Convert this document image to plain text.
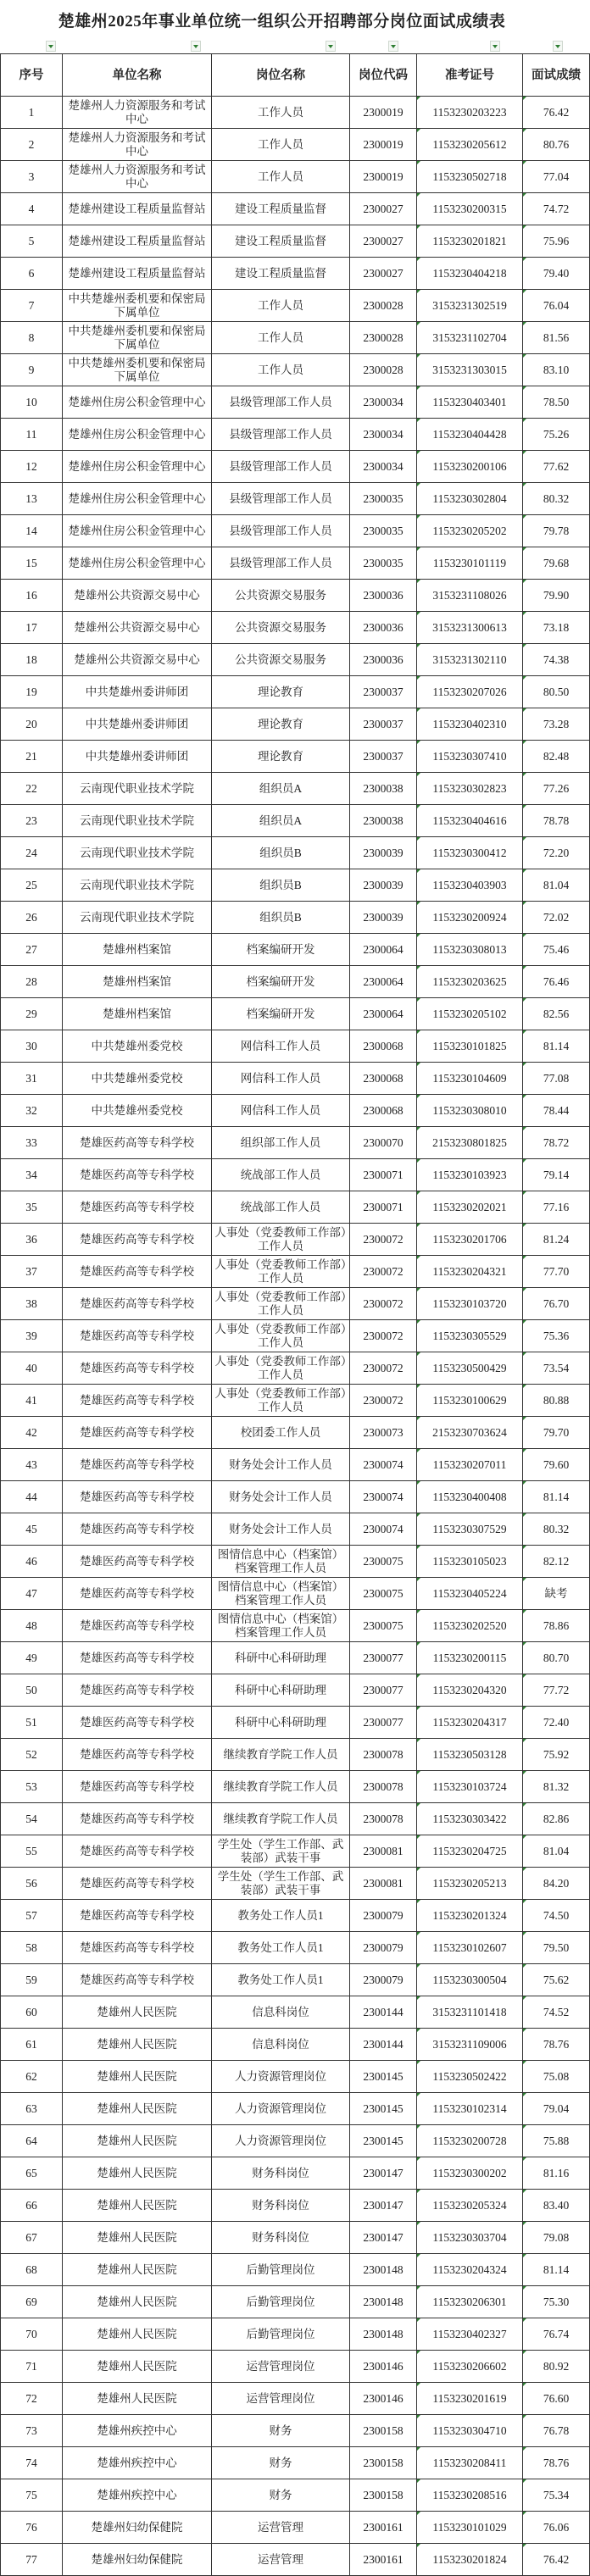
楚雄州2025年事业单位统一组织公开招聘部分岗位面试成绩表
序号	单位名称	岗位名称	岗位代码	准考证号	面试成绩
1	楚雄州人力资源服务和考试中心	工作人员	2300019	1153230203223	76.42
2	楚雄州人力资源服务和考试中心	工作人员	2300019	1153230205612	80.76
3	楚雄州人力资源服务和考试中心	工作人员	2300019	1153230502718	77.04
4	楚雄州建设工程质量监督站	建设工程质量监督	2300027	1153230200315	74.72
5	楚雄州建设工程质量监督站	建设工程质量监督	2300027	1153230201821	75.96
6	楚雄州建设工程质量监督站	建设工程质量监督	2300027	1153230404218	79.40
7	中共楚雄州委机要和保密局下属单位	工作人员	2300028	3153231302519	76.04
8	中共楚雄州委机要和保密局下属单位	工作人员	2300028	3153231102704	81.56
9	中共楚雄州委机要和保密局下属单位	工作人员	2300028	3153231303015	83.10
10	楚雄州住房公积金管理中心	县级管理部工作人员	2300034	1153230403401	78.50
11	楚雄州住房公积金管理中心	县级管理部工作人员	2300034	1153230404428	75.26
12	楚雄州住房公积金管理中心	县级管理部工作人员	2300034	1153230200106	77.62
13	楚雄州住房公积金管理中心	县级管理部工作人员	2300035	1153230302804	80.32
14	楚雄州住房公积金管理中心	县级管理部工作人员	2300035	1153230205202	79.78
15	楚雄州住房公积金管理中心	县级管理部工作人员	2300035	1153230101119	79.68
16	楚雄州公共资源交易中心	公共资源交易服务	2300036	3153231108026	79.90
17	楚雄州公共资源交易中心	公共资源交易服务	2300036	3153231300613	73.18
18	楚雄州公共资源交易中心	公共资源交易服务	2300036	3153231302110	74.38
19	中共楚雄州委讲师团	理论教育	2300037	1153230207026	80.50
20	中共楚雄州委讲师团	理论教育	2300037	1153230402310	73.28
21	中共楚雄州委讲师团	理论教育	2300037	1153230307410	82.48
22	云南现代职业技术学院	组织员A	2300038	1153230302823	77.26
23	云南现代职业技术学院	组织员A	2300038	1153230404616	78.78
24	云南现代职业技术学院	组织员B	2300039	1153230300412	72.20
25	云南现代职业技术学院	组织员B	2300039	1153230403903	81.04
26	云南现代职业技术学院	组织员B	2300039	1153230200924	72.02
27	楚雄州档案馆	档案编研开发	2300064	1153230308013	75.46
28	楚雄州档案馆	档案编研开发	2300064	1153230203625	76.46
29	楚雄州档案馆	档案编研开发	2300064	1153230205102	82.56
30	中共楚雄州委党校	网信科工作人员	2300068	1153230101825	81.14
31	中共楚雄州委党校	网信科工作人员	2300068	1153230104609	77.08
32	中共楚雄州委党校	网信科工作人员	2300068	1153230308010	78.44
33	楚雄医药高等专科学校	组织部工作人员	2300070	2153230801825	78.72
34	楚雄医药高等专科学校	统战部工作人员	2300071	1153230103923	79.14
35	楚雄医药高等专科学校	统战部工作人员	2300071	1153230202021	77.16
36	楚雄医药高等专科学校	人事处（党委教师工作部）工作人员	2300072	1153230201706	81.24
37	楚雄医药高等专科学校	人事处（党委教师工作部）工作人员	2300072	1153230204321	77.70
38	楚雄医药高等专科学校	人事处（党委教师工作部）工作人员	2300072	1153230103720	76.70
39	楚雄医药高等专科学校	人事处（党委教师工作部）工作人员	2300072	1153230305529	75.36
40	楚雄医药高等专科学校	人事处（党委教师工作部）工作人员	2300072	1153230500429	73.54
41	楚雄医药高等专科学校	人事处（党委教师工作部）工作人员	2300072	1153230100629	80.88
42	楚雄医药高等专科学校	校团委工作人员	2300073	2153230703624	79.70
43	楚雄医药高等专科学校	财务处会计工作人员	2300074	1153230207011	79.60
44	楚雄医药高等专科学校	财务处会计工作人员	2300074	1153230400408	81.14
45	楚雄医药高等专科学校	财务处会计工作人员	2300074	1153230307529	80.32
46	楚雄医药高等专科学校	图情信息中心（档案馆）档案管理工作人员	2300075	1153230105023	82.12
47	楚雄医药高等专科学校	图情信息中心（档案馆）档案管理工作人员	2300075	1153230405224	缺考
48	楚雄医药高等专科学校	图情信息中心（档案馆）档案管理工作人员	2300075	1153230202520	78.86
49	楚雄医药高等专科学校	科研中心科研助理	2300077	1153230200115	80.70
50	楚雄医药高等专科学校	科研中心科研助理	2300077	1153230204320	77.72
51	楚雄医药高等专科学校	科研中心科研助理	2300077	1153230204317	72.40
52	楚雄医药高等专科学校	继续教育学院工作人员	2300078	1153230503128	75.92
53	楚雄医药高等专科学校	继续教育学院工作人员	2300078	1153230103724	81.32
54	楚雄医药高等专科学校	继续教育学院工作人员	2300078	1153230303422	82.86
55	楚雄医药高等专科学校	学生处（学生工作部、武装部）武装干事	2300081	1153230204725	81.04
56	楚雄医药高等专科学校	学生处（学生工作部、武装部）武装干事	2300081	1153230205213	84.20
57	楚雄医药高等专科学校	教务处工作人员1	2300079	1153230201324	74.50
58	楚雄医药高等专科学校	教务处工作人员1	2300079	1153230102607	79.50
59	楚雄医药高等专科学校	教务处工作人员1	2300079	1153230300504	75.62
60	楚雄州人民医院	信息科岗位	2300144	3153231101418	74.52
61	楚雄州人民医院	信息科岗位	2300144	3153231109006	78.76
62	楚雄州人民医院	人力资源管理岗位	2300145	1153230502422	75.08
63	楚雄州人民医院	人力资源管理岗位	2300145	1153230102314	79.04
64	楚雄州人民医院	人力资源管理岗位	2300145	1153230200728	75.88
65	楚雄州人民医院	财务科岗位	2300147	1153230300202	81.16
66	楚雄州人民医院	财务科岗位	2300147	1153230205324	83.40
67	楚雄州人民医院	财务科岗位	2300147	1153230303704	79.08
68	楚雄州人民医院	后勤管理岗位	2300148	1153230204324	81.14
69	楚雄州人民医院	后勤管理岗位	2300148	1153230206301	75.30
70	楚雄州人民医院	后勤管理岗位	2300148	1153230402327	76.74
71	楚雄州人民医院	运营管理岗位	2300146	1153230206602	80.92
72	楚雄州人民医院	运营管理岗位	2300146	1153230201619	76.60
73	楚雄州疾控中心	财务	2300158	1153230304710	76.78
74	楚雄州疾控中心	财务	2300158	1153230208411	78.76
75	楚雄州疾控中心	财务	2300158	1153230208516	75.34
76	楚雄州妇幼保健院	运营管理	2300161	1153230101029	76.06
77	楚雄州妇幼保健院	运营管理	2300161	1153230201824	76.42
